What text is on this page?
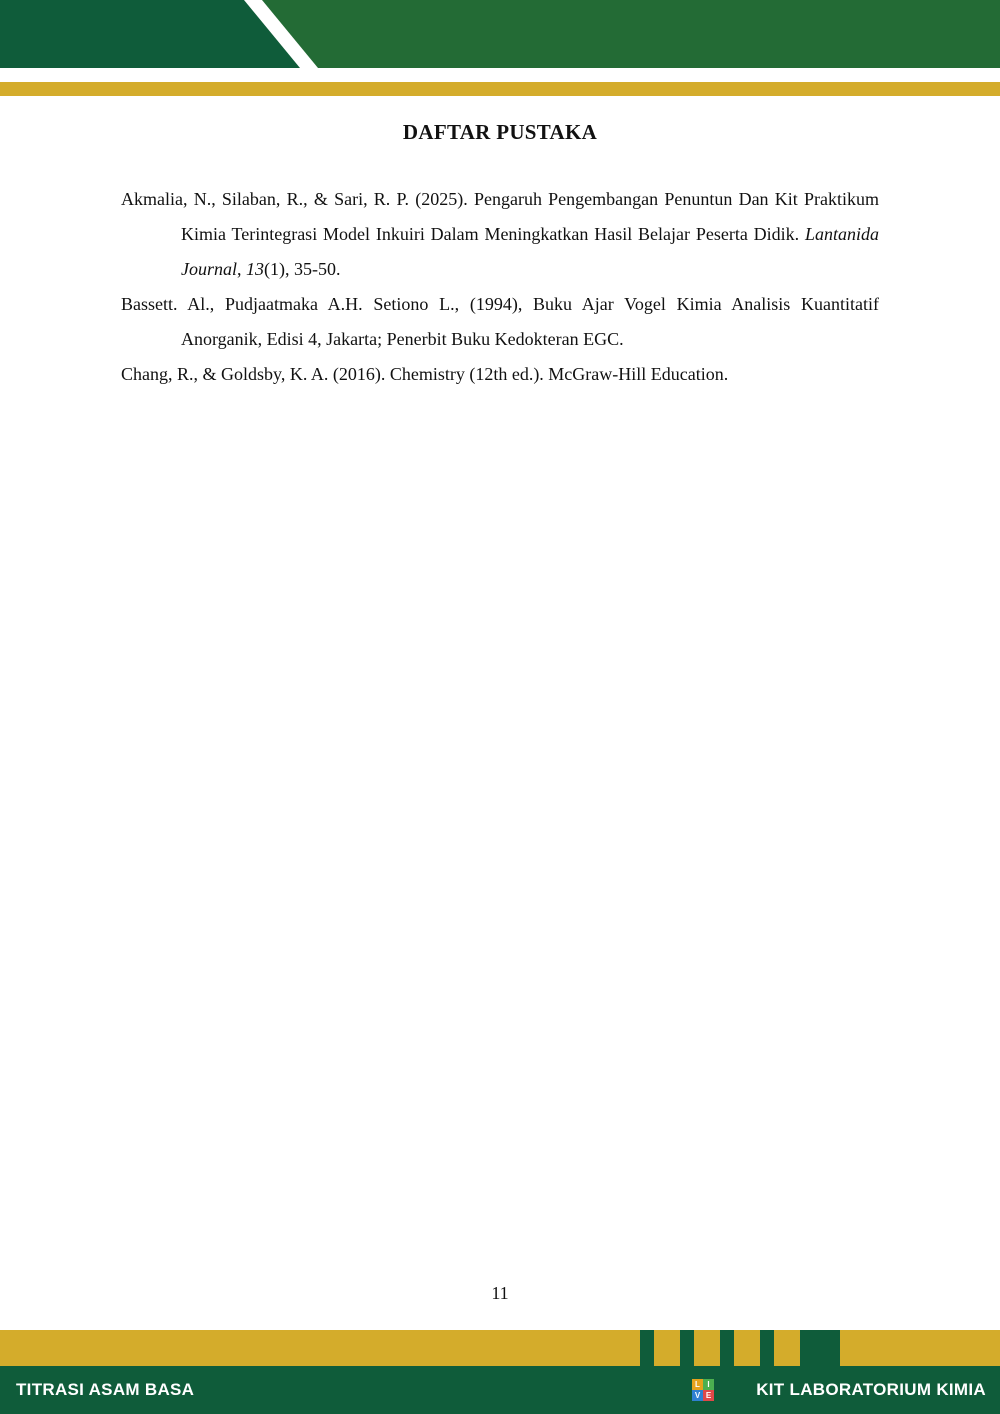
DAFTAR PUSTAKA

Akmalia, N., Silaban, R., & Sari, R. P. (2025). Pengaruh Pengembangan Penuntun Dan Kit Praktikum Kimia Terintegrasi Model Inkuiri Dalam Meningkatkan Hasil Belajar Peserta Didik. Lantanida Journal, 13(1), 35-50.

Bassett. Al., Pudjaatmaka A.H. Setiono L., (1994), Buku Ajar Vogel Kimia Analisis Kuantitatif Anorganik, Edisi 4, Jakarta; Penerbit Buku Kedokteran EGC.

Chang, R., & Goldsby, K. A. (2016). Chemistry (12th ed.). McGraw-Hill Education.

11
TITRASI ASAM BASA	L I
V E	KIT LABORATORIUM KIMIA
